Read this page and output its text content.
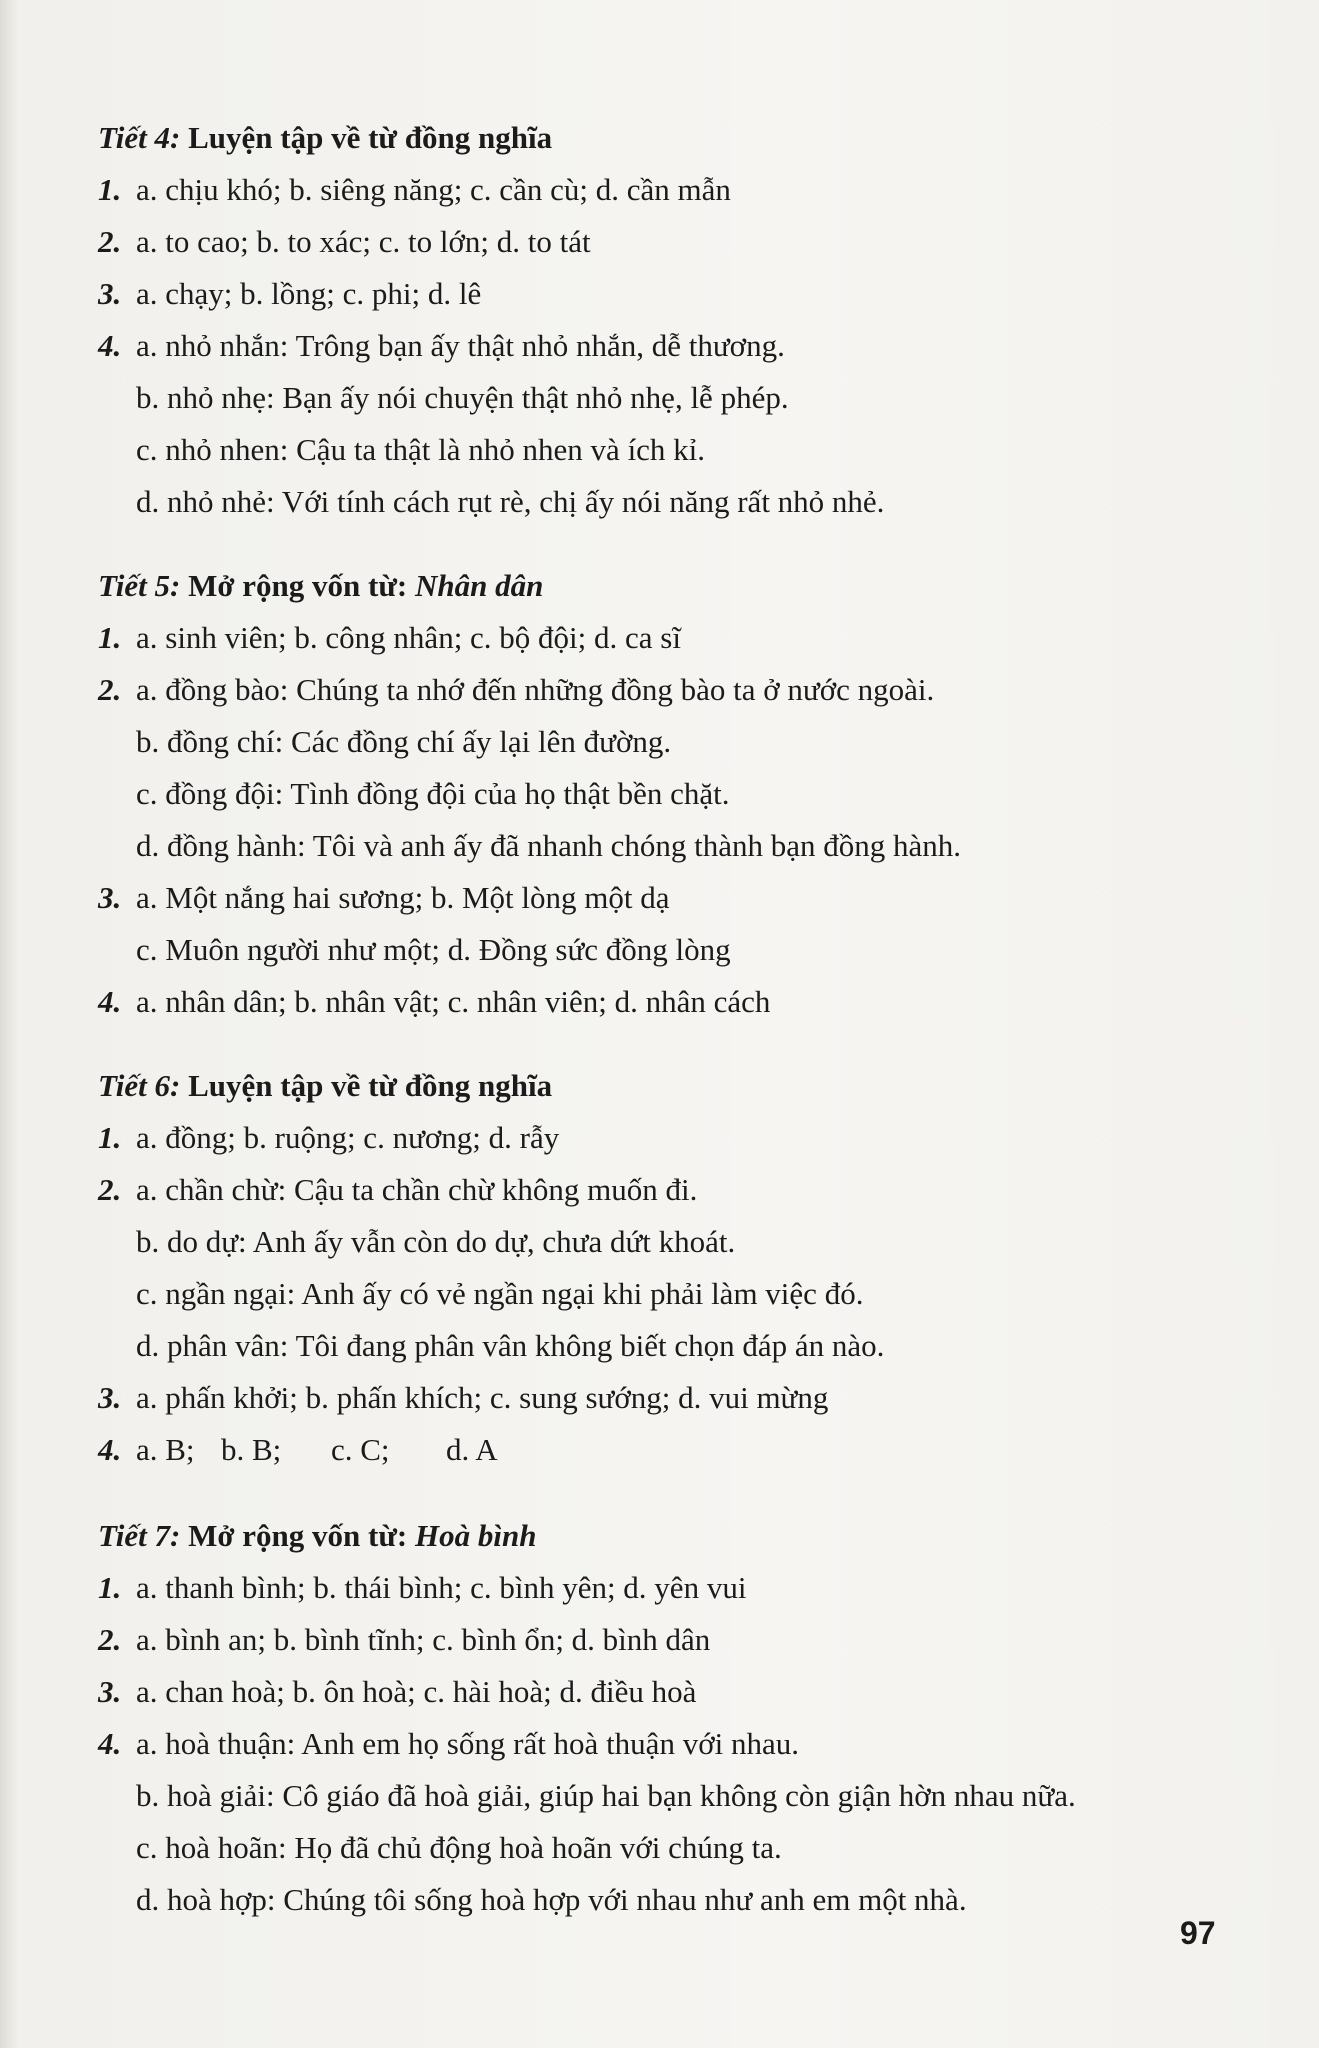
Tiết 4: Luyện tập về từ đồng nghĩa
1. a. chịu khó; b. siêng năng; c. cần cù; d. cần mẫn
2. a. to cao; b. to xác; c. to lớn; d. to tát
3. a. chạy; b. lồng; c. phi; d. lê
4. a. nhỏ nhắn: Trông bạn ấy thật nhỏ nhắn, dễ thương.
b. nhỏ nhẹ: Bạn ấy nói chuyện thật nhỏ nhẹ, lễ phép.
c. nhỏ nhen: Cậu ta thật là nhỏ nhen và ích kỉ.
d. nhỏ nhẻ: Với tính cách rụt rè, chị ấy nói năng rất nhỏ nhẻ.
Tiết 5: Mở rộng vốn từ: Nhân dân
1. a. sinh viên; b. công nhân; c. bộ đội; d. ca sĩ
2. a. đồng bào: Chúng ta nhớ đến những đồng bào ta ở nước ngoài.
b. đồng chí: Các đồng chí ấy lại lên đường.
c. đồng đội: Tình đồng đội của họ thật bền chặt.
d. đồng hành: Tôi và anh ấy đã nhanh chóng thành bạn đồng hành.
3. a. Một nắng hai sương; b. Một lòng một dạ
c. Muôn người như một; d. Đồng sức đồng lòng
4. a. nhân dân; b. nhân vật; c. nhân viên; d. nhân cách
Tiết 6: Luyện tập về từ đồng nghĩa
1. a. đồng; b. ruộng; c. nương; d. rẫy
2. a. chần chừ: Cậu ta chần chừ không muốn đi.
b. do dự: Anh ấy vẫn còn do dự, chưa dứt khoát.
c. ngần ngại: Anh ấy có vẻ ngần ngại khi phải làm việc đó.
d. phân vân: Tôi đang phân vân không biết chọn đáp án nào.
3. a. phấn khởi; b. phấn khích; c. sung sướng; d. vui mừng
4. a. B; b. B; c. C; d. A
Tiết 7: Mở rộng vốn từ: Hoà bình
1. a. thanh bình; b. thái bình; c. bình yên; d. yên vui
2. a. bình an; b. bình tĩnh; c. bình ổn; d. bình dân
3. a. chan hoà; b. ôn hoà; c. hài hoà; d. điều hoà
4. a. hoà thuận: Anh em họ sống rất hoà thuận với nhau.
b. hoà giải: Cô giáo đã hoà giải, giúp hai bạn không còn giận hờn nhau nữa.
c. hoà hoãn: Họ đã chủ động hoà hoãn với chúng ta.
d. hoà hợp: Chúng tôi sống hoà hợp với nhau như anh em một nhà.
97
